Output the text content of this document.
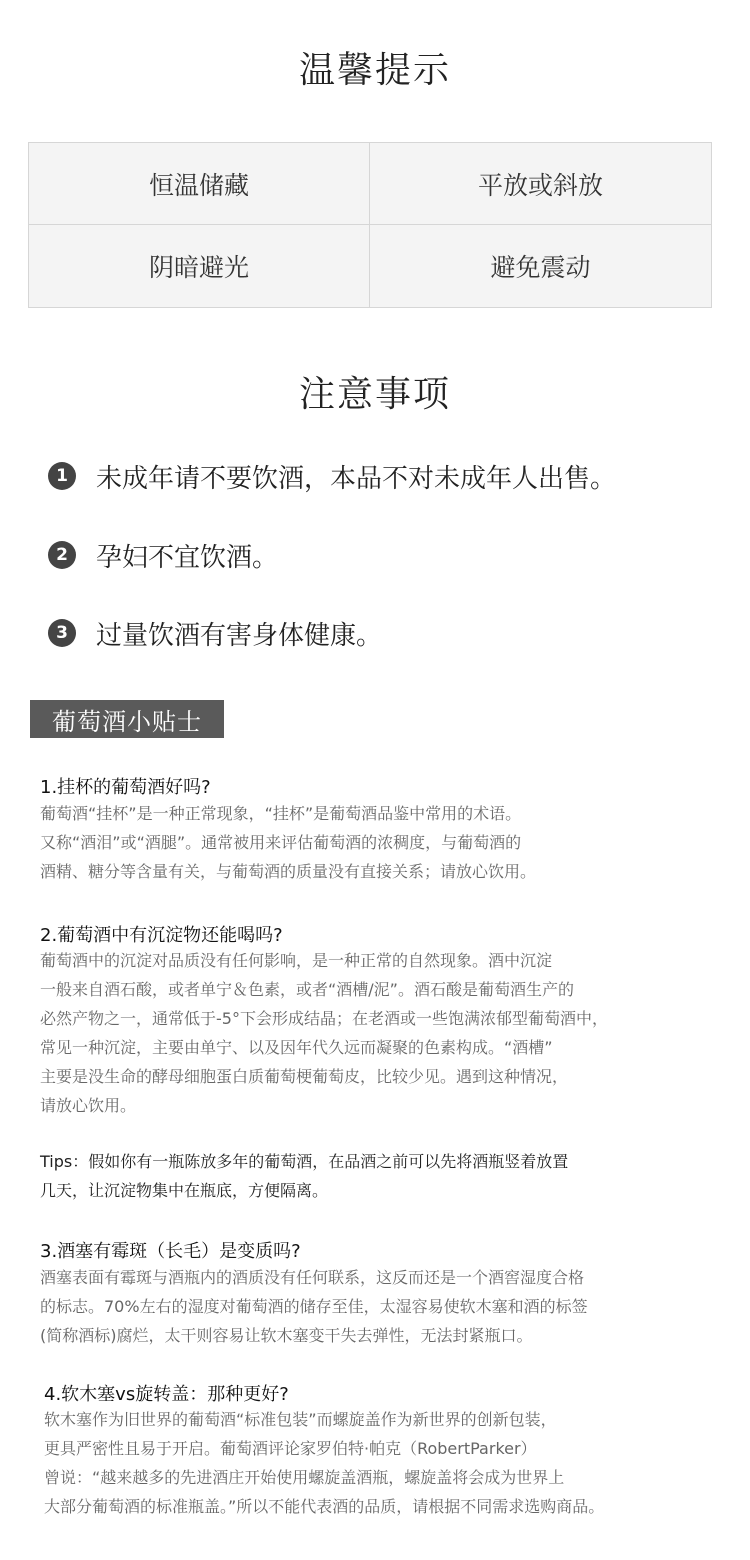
温馨提示
恒温储藏	平放或斜放
阴暗避光	避免震动
注意事项
1	未成年请不要饮酒，本品不对未成年人出售。
2	孕妇不宜饮酒。
3	过量饮酒有害身体健康。
葡萄酒小贴士
1.挂杯的葡萄酒好吗?
葡萄酒“挂杯”是一种正常现象，“挂杯”是葡萄酒品鉴中常用的术语。
又称“酒泪”或“酒腿”。通常被用来评估葡萄酒的浓稠度，与葡萄酒的
酒精、糖分等含量有关，与葡萄酒的质量没有直接关系；请放心饮用。
2.葡萄酒中有沉淀物还能喝吗?
葡萄酒中的沉淀对品质没有任何影响，是一种正常的自然现象。酒中沉淀
一般来自酒石酸，或者单宁＆色素，或者“酒槽/泥”。酒石酸是葡萄酒生产的
必然产物之一，通常低于-5°下会形成结晶；在老酒或一些饱满浓郁型葡萄酒中，
常见一种沉淀，主要由单宁、以及因年代久远而凝聚的色素构成。“酒槽”
主要是没生命的酵母细胞蛋白质葡萄梗葡萄皮，比较少见。遇到这种情况，
请放心饮用。
Tips：假如你有一瓶陈放多年的葡萄酒，在品酒之前可以先将酒瓶竖着放置
几天，让沉淀物集中在瓶底，方便隔离。
3.酒塞有霉斑（长毛）是变质吗?
酒塞表面有霉斑与酒瓶内的酒质没有任何联系，这反而还是一个酒窖湿度合格
的标志。70%左右的湿度对葡萄酒的储存至佳，太湿容易使软木塞和酒的标签
(简称酒标)腐烂，太干则容易让软木塞变干失去弹性，无法封紧瓶口。
4.软木塞vs旋转盖：那种更好?
软木塞作为旧世界的葡萄酒“标准包装”而螺旋盖作为新世界的创新包装，
更具严密性且易于开启。葡萄酒评论家罗伯特·帕克（RobertParker）
曾说：“越来越多的先进酒庄开始使用螺旋盖酒瓶，螺旋盖将会成为世界上
大部分葡萄酒的标准瓶盖。”所以不能代表酒的品质，请根据不同需求选购商品。
